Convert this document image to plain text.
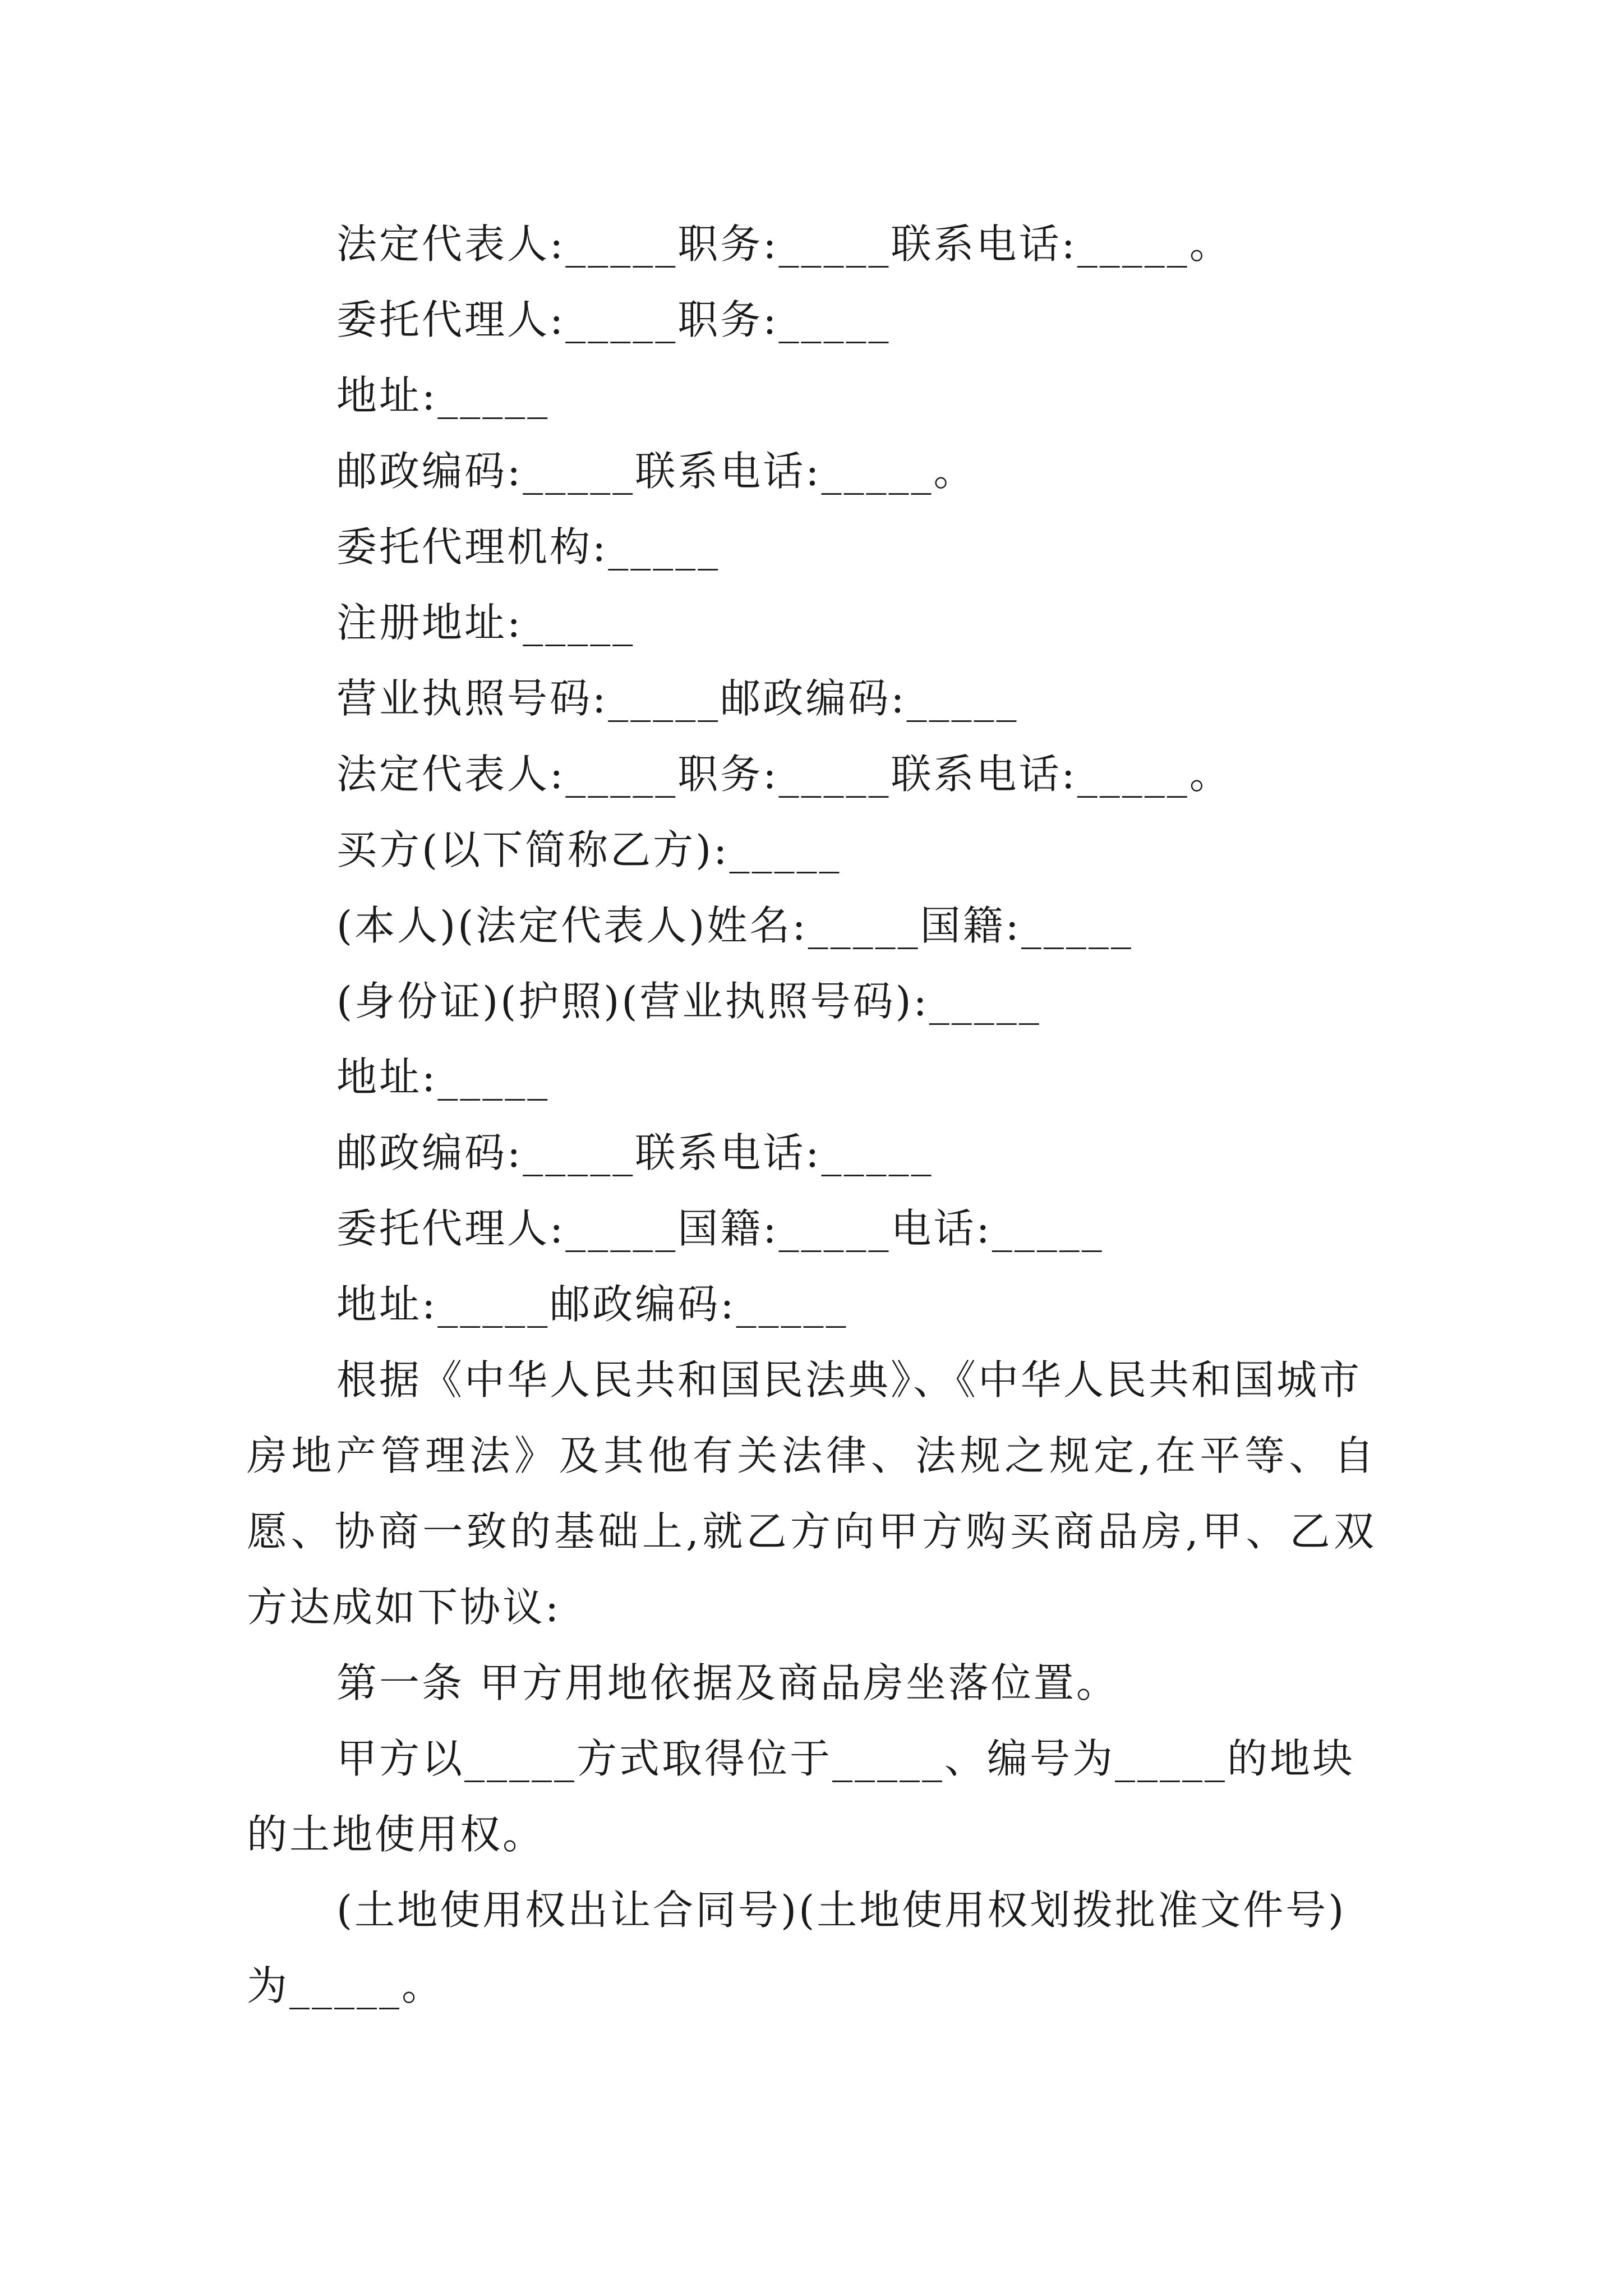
法定代表人:_____职务:_____联系电话:_____。
委托代理人:_____职务:_____
地址:_____
邮政编码:_____联系电话:_____。
委托代理机构:_____
注册地址:_____
营业执照号码:_____邮政编码:_____
法定代表人:_____职务:_____联系电话:_____。
买方(以下简称乙方):_____
(本人)(法定代表人)姓名:_____国籍:_____
(身份证)(护照)(营业执照号码):_____
地址:_____
邮政编码:_____联系电话:_____
委托代理人:_____国籍:_____电话:_____
地址:_____邮政编码:_____
根据《中华人民共和国民法典》、《中华人民共和国城市
房地产管理法》及其他有关法律、法规之规定,在平等、自
愿、协商一致的基础上,就乙方向甲方购买商品房,甲、乙双
方达成如下协议:
第一条 甲方用地依据及商品房坐落位置。
甲方以_____方式取得位于_____、编号为_____的地块
的土地使用权。
(土地使用权出让合同号)(土地使用权划拨批准文件号)
为_____。
